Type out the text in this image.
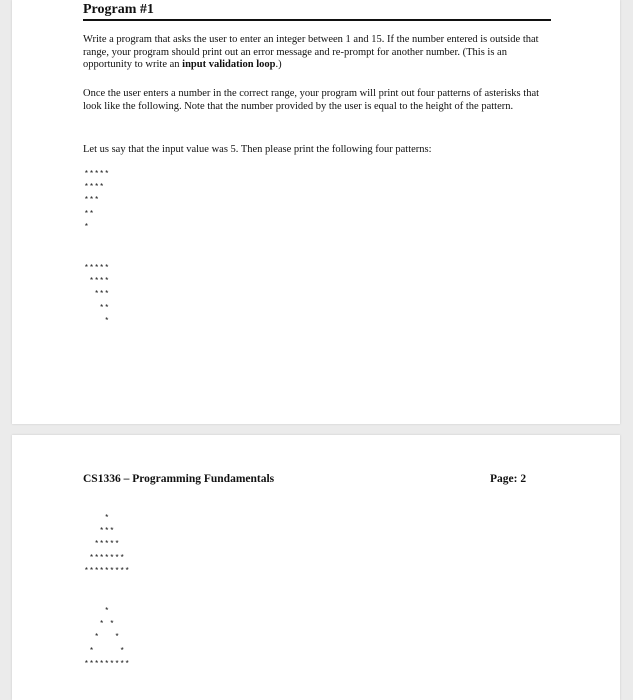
Program #1

Write a program that asks the user to enter an integer between 1 and 15. If the number entered is outside that range, your program should print out an error message and re-prompt for another number. (This is an opportunity to write an input validation loop.)

Once the user enters a number in the correct range, your program will print out four patterns of asterisks that look like the following. Note that the number provided by the user is equal to the height of the pattern.

Let us say that the input value was 5. Then please print the following four patterns:

*****
****
***
**
*
*****
****
***
**
*
CS1336 – Programming Fundamentals	Page: 2
*
***
*****
*******
*********
*
* *
*   *
*     *
*********
